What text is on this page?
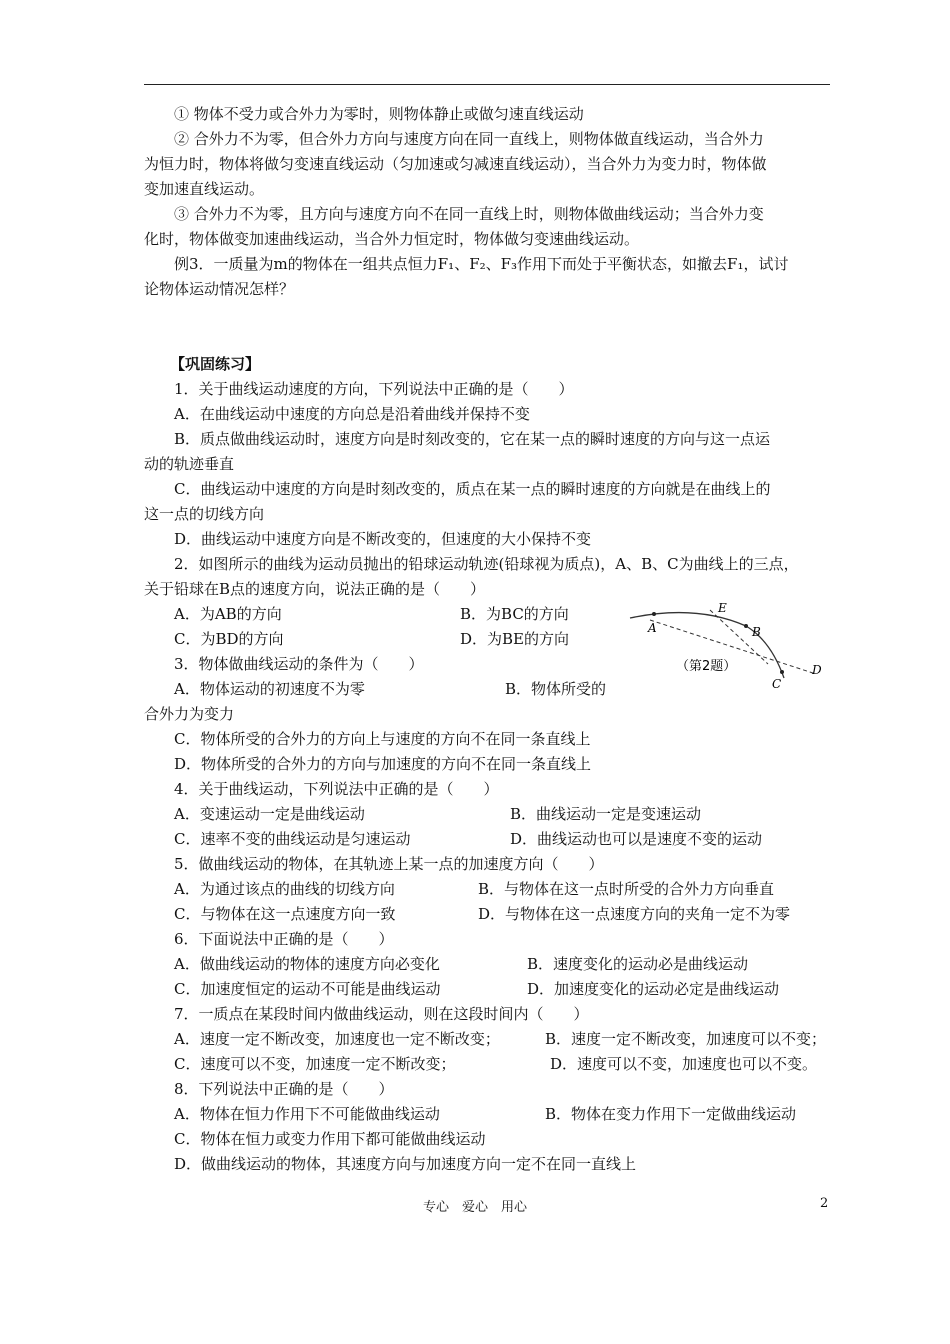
① 物体不受力或合外力为零时，则物体静止或做匀速直线运动
② 合外力不为零，但合外力方向与速度方向在同一直线上，则物体做直线运动，当合外力
为恒力时，物体将做匀变速直线运动（匀加速或匀减速直线运动），当合外力为变力时，物体做
变加速直线运动。
③ 合外力不为零，且方向与速度方向不在同一直线上时，则物体做曲线运动；当合外力变
化时，物体做变加速曲线运动，当合外力恒定时，物体做匀变速曲线运动。
例3．一质量为m的物体在一组共点恒力F₁、F₂、F₃作用下而处于平衡状态，如撤去F₁，试讨
论物体运动情况怎样？
【巩固练习】
1．关于曲线运动速度的方向，下列说法中正确的是（　　）
A．在曲线运动中速度的方向总是沿着曲线并保持不变
B．质点做曲线运动时，速度方向是时刻改变的，它在某一点的瞬时速度的方向与这一点运
动的轨迹垂直
C．曲线运动中速度的方向是时刻改变的，质点在某一点的瞬时速度的方向就是在曲线上的
这一点的切线方向
D．曲线运动中速度方向是不断改变的，但速度的大小保持不变
2．如图所示的曲线为运动员抛出的铅球运动轨迹(铅球视为质点)，A、B、C为曲线上的三点，
关于铅球在B点的速度方向，说法正确的是（　　）
A．为AB的方向	B．为BC的方向
C．为BD的方向	D．为BE的方向
3．物体做曲线运动的条件为（　　）
A．物体运动的初速度不为零	B．物体所受的
合外力为变力
C．物体所受的合外力的方向上与速度的方向不在同一条直线上
D．物体所受的合外力的方向与加速度的方向不在同一条直线上
4．关于曲线运动，下列说法中正确的是（　　）
A．变速运动一定是曲线运动	B．曲线运动一定是变速运动
C．速率不变的曲线运动是匀速运动	D．曲线运动也可以是速度不变的运动
5．做曲线运动的物体，在其轨迹上某一点的加速度方向（　　）
A．为通过该点的曲线的切线方向	B．与物体在这一点时所受的合外力方向垂直
C．与物体在这一点速度方向一致	D．与物体在这一点速度方向的夹角一定不为零
6．下面说法中正确的是（　　）
A．做曲线运动的物体的速度方向必变化	B．速度变化的运动必是曲线运动
C．加速度恒定的运动不可能是曲线运动	D．加速度变化的运动必定是曲线运动
7．一质点在某段时间内做曲线运动，则在这段时间内（　　）
A．速度一定不断改变，加速度也一定不断改变；	B．速度一定不断改变，加速度可以不变；
C．速度可以不变，加速度一定不断改变；	D．速度可以不变，加速度也可以不变。
8．下列说法中正确的是（　　）
A．物体在恒力作用下不可能做曲线运动	B．物体在变力作用下一定做曲线运动
C．物体在恒力或变力作用下都可能做曲线运动
D．做曲线运动的物体，其速度方向与加速度方向一定不在同一直线上
A	B
C
D
E
（第2题）
专心　爱心　用心	2
